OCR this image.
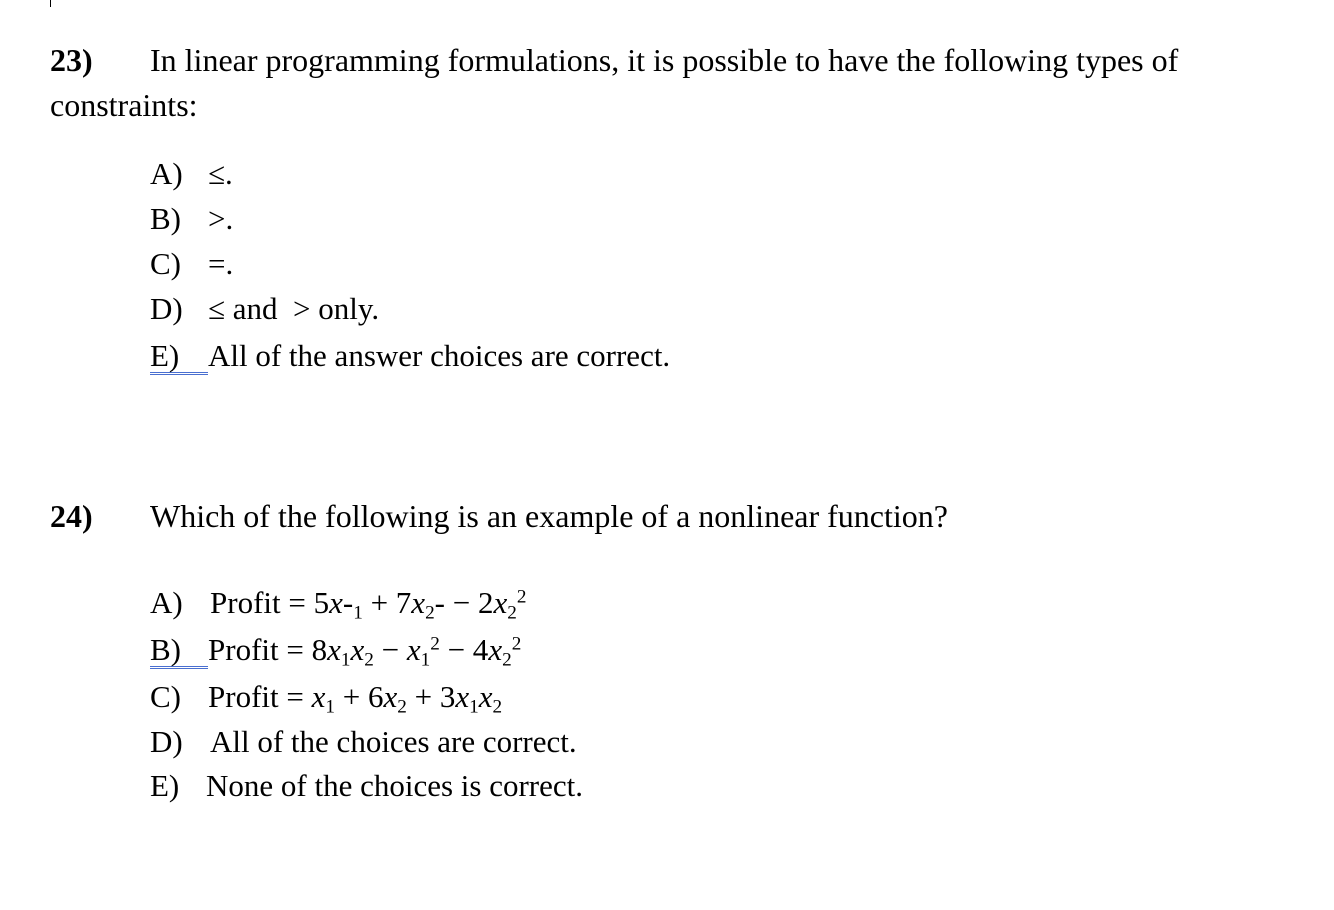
23) In linear programming formulations, it is possible to have the following types of
constraints:
A) ≤.
B) >.
C) =.
D) ≤ and  > only.
E) All of the answer choices are correct.
24) Which of the following is an example of a nonlinear function?
A) Profit = $5x-_1 + 7x_2- - 2x_2^2$
B) Profit = $8x_1x_2 - x_1^2 - 4x_2^2$
C) Profit = $x_1 + 6x_2 + 3x_1x_2$
D) All of the choices are correct.
E) None of the choices is correct.
